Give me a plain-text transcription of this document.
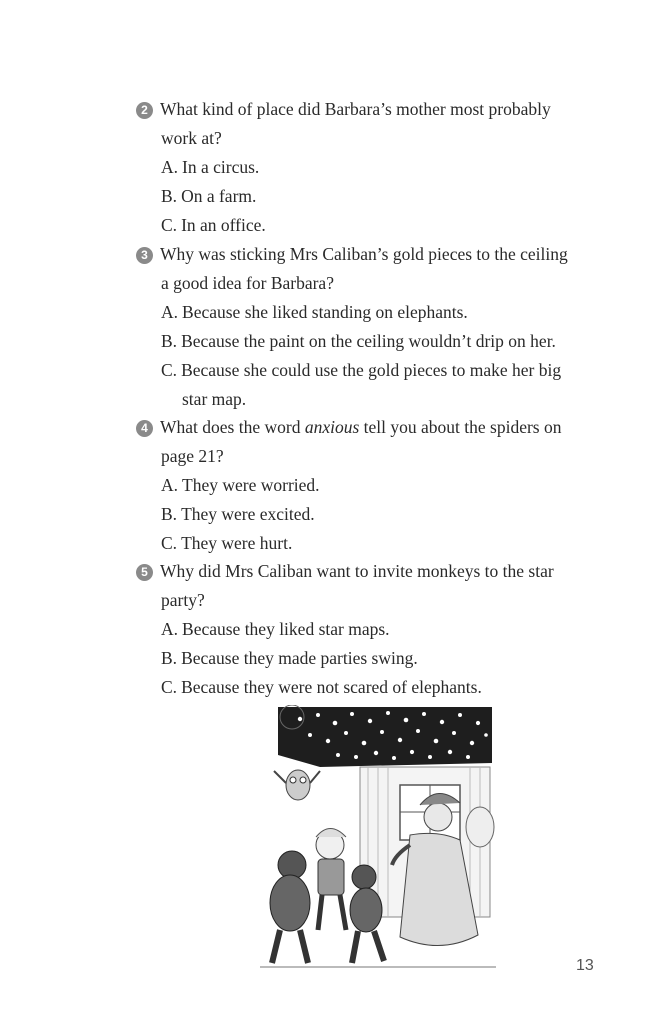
2 What kind of place did Barbara’s mother most probably
work at?
A. In a circus.
B. On a farm.
C. In an office.
3 Why was sticking Mrs Caliban’s gold pieces to the ceiling
a good idea for Barbara?
A. Because she liked standing on elephants.
B. Because the paint on the ceiling wouldn’t drip on her.
C. Because she could use the gold pieces to make her big
star map.
4 What does the word anxious tell you about the spiders on
page 21?
A. They were worried.
B. They were excited.
C. They were hurt.
5 Why did Mrs Caliban want to invite monkeys to the star
party?
A. Because they liked star maps.
B. Because they made parties swing.
C. Because they were not scared of elephants.
13
